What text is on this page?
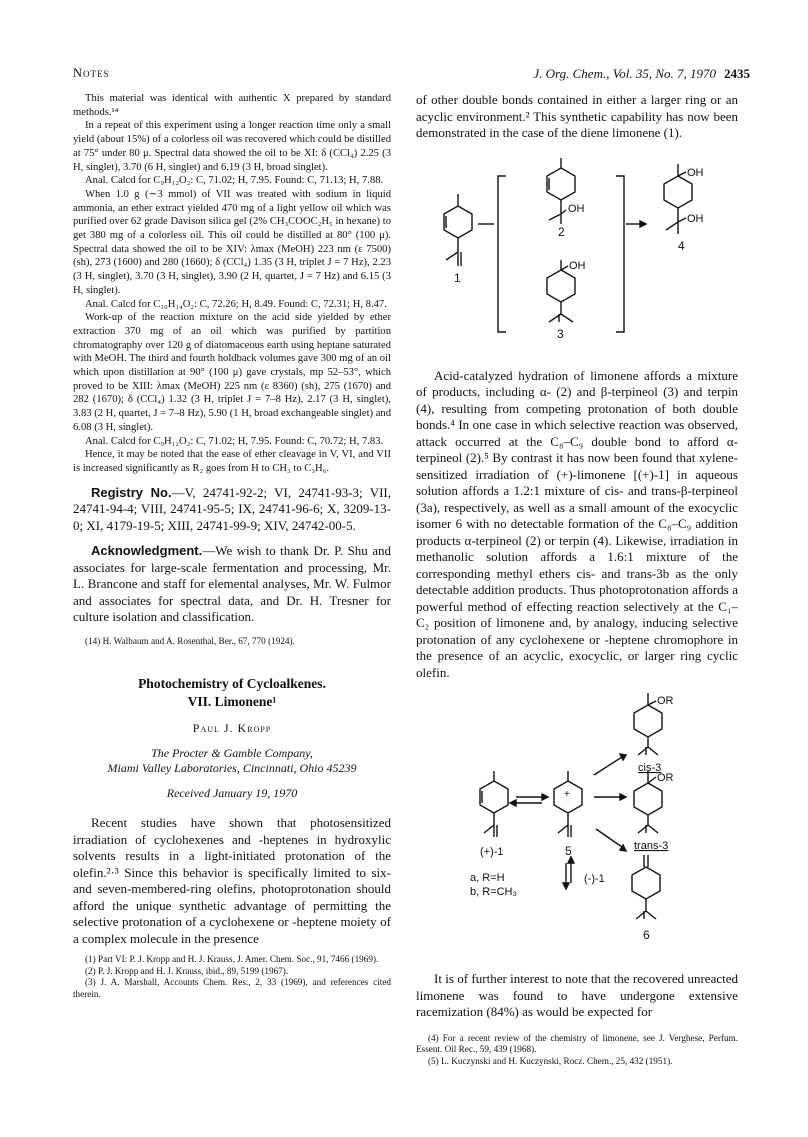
Notes	J. Org. Chem., Vol. 35, No. 7, 1970 2435

This material was identical with authentic X prepared by standard methods.¹⁴

In a repeat of this experiment using a longer reaction time only a small yield (about 15%) of a colorless oil was recovered which could be distilled at 75° under 80 μ. Spectral data showed the oil to be XI: δ (CCl₄) 2.25 (3 H, singlet), 3.70 (6 H, singlet) and 6.19 (3 H, broad singlet).

Anal. Calcd for C₉H₁₂O₂: C, 71.02; H, 7.95. Found: C, 71.13; H, 7.88.

When 1.0 g (∼3 mmol) of VII was treated with sodium in liquid ammonia, an ether extract yielded 470 mg of a light yellow oil which was purified over 62 grade Davison silica gel (2% CH₃COOC₂H₅ in hexane) to get 380 mg of a colorless oil. This oil could be distilled at 80° (100 μ). Spectral data showed the oil to be XIV: λmax (MeOH) 223 nm (ε 7500) (sh), 273 (1600) and 280 (1660); δ (CCl₄) 1.35 (3 H, triplet J = 7 Hz), 2.23 (3 H, singlet), 3.70 (3 H, singlet), 3.90 (2 H, quartet, J = 7 Hz) and 6.15 (3 H, singlet).

Anal. Calcd for C₁₀H₁₄O₂: C, 72.26; H, 8.49. Found: C, 72.31; H, 8.47.

Work-up of the reaction mixture on the acid side yielded by ether extraction 370 mg of an oil which was purified by partition chromatography over 120 g of diatomaceous earth using heptane saturated with MeOH. The third and fourth holdback volumes gave 300 mg of an oil which upon distillation at 90° (100 μ) gave crystals, mp 52–53°, which proved to be XIII: λmax (MeOH) 225 nm (ε 8360) (sh), 275 (1670) and 282 (1670); δ (CCl₄) 1.32 (3 H, triplet J = 7–8 Hz), 2.17 (3 H, singlet), 3.83 (2 H, quartet, J = 7–8 Hz), 5.90 (1 H, broad exchangeable singlet) and 6.08 (3 H, singlet).

Anal. Calcd for C₉H₁₂O₂: C, 71.02; H, 7.95. Found: C, 70.72; H, 7.83.

Hence, it may be noted that the ease of ether cleavage in V, VI, and VII is increased significantly as R₂ goes from H to CH₃ to C₃H₆.

Registry No.—V, 24741-92-2; VI, 24741-93-3; VII, 24741-94-4; VIII, 24741-95-5; IX, 24741-96-6; X, 3209-13-0; XI, 4179-19-5; XIII, 24741-99-9; XIV, 24742-00-5.

Acknowledgment.—We wish to thank Dr. P. Shu and associates for large-scale fermentation and processing, Mr. L. Brancone and staff for elemental analyses, Mr. W. Fulmor and associates for spectral data, and Dr. H. Tresner for culture isolation and classification.

(14) H. Walbaum and A. Rosenthal, Ber., 67, 770 (1924).

Photochemistry of Cycloalkenes.

VII. Limonene¹

Paul J. Kropp

The Procter & Gamble Company,

Miami Valley Laboratories, Cincinnati, Ohio 45239

Received January 19, 1970

Recent studies have shown that photosensitized irradiation of cyclohexenes and -heptenes in hydroxylic solvents results in a light-initiated protonation of the olefin.²·³ Since this behavior is specifically limited to six- and seven-membered-ring olefins, photoprotonation should afford the unique synthetic advantage of permitting the selective protonation of a cyclohexene or -heptene moiety of a complex molecule in the presence

(1) Part VI: P. J. Kropp and H. J. Krauss, J. Amer. Chem. Soc., 91, 7466 (1969).

(2) P. J. Kropp and H. J. Krauss, ibid., 89, 5199 (1967).

(3) J. A. Marshall, Accounts Chem. Res., 2, 33 (1969), and references cited therein.

of other double bonds contained in either a larger ring or an acyclic environment.² This synthetic capability has now been demonstrated in the case of the diene limonene (1).

1
OH
2
OH
3
OH
OH
4

Acid-catalyzed hydration of limonene affords a mixture of products, including α- (2) and β-terpineol (3) and terpin (4), resulting from competing protonation of both double bonds.⁴ In one case in which selective reaction was observed, attack occurred at the C₈–C₉ double bond to afford α-terpineol (2).⁵ By contrast it has now been found that xylene-sensitized irradiation of (+)-limonene [(+)-1] in aqueous solution affords a 1.2:1 mixture of cis- and trans-β-terpineol (3a), respectively, as well as a small amount of the exocyclic isomer 6 with no detectable formation of the C₈–C₉ addition products α-terpineol (2) or terpin (4). Likewise, irradiation in methanolic solution affords a 1.6:1 mixture of the corresponding methyl ethers cis- and trans-3b as the only detectable addition products. Thus photoprotonation affords a powerful method of effecting reaction selectively at the C₁–C₂ position of limonene and, by analogy, inducing selective protonation of any cyclohexene or -heptene chromophore in the presence of an acyclic, exocyclic, or larger ring cyclic olefin.

OR
cis-3
(+)-1
+
5
OR
trans-3
(-)-1
a, R=H
b, R=CH₃
6

It is of further interest to note that the recovered unreacted limonene was found to have undergone extensive racemization (84%) as would be expected for

(4) For a recent review of the chemistry of limonene, see J. Verghese, Perfum. Essent. Oil Rec., 59, 439 (1968).

(5) L. Kuczynski and H. Kuczynski, Rocz. Chem., 25, 432 (1951).
